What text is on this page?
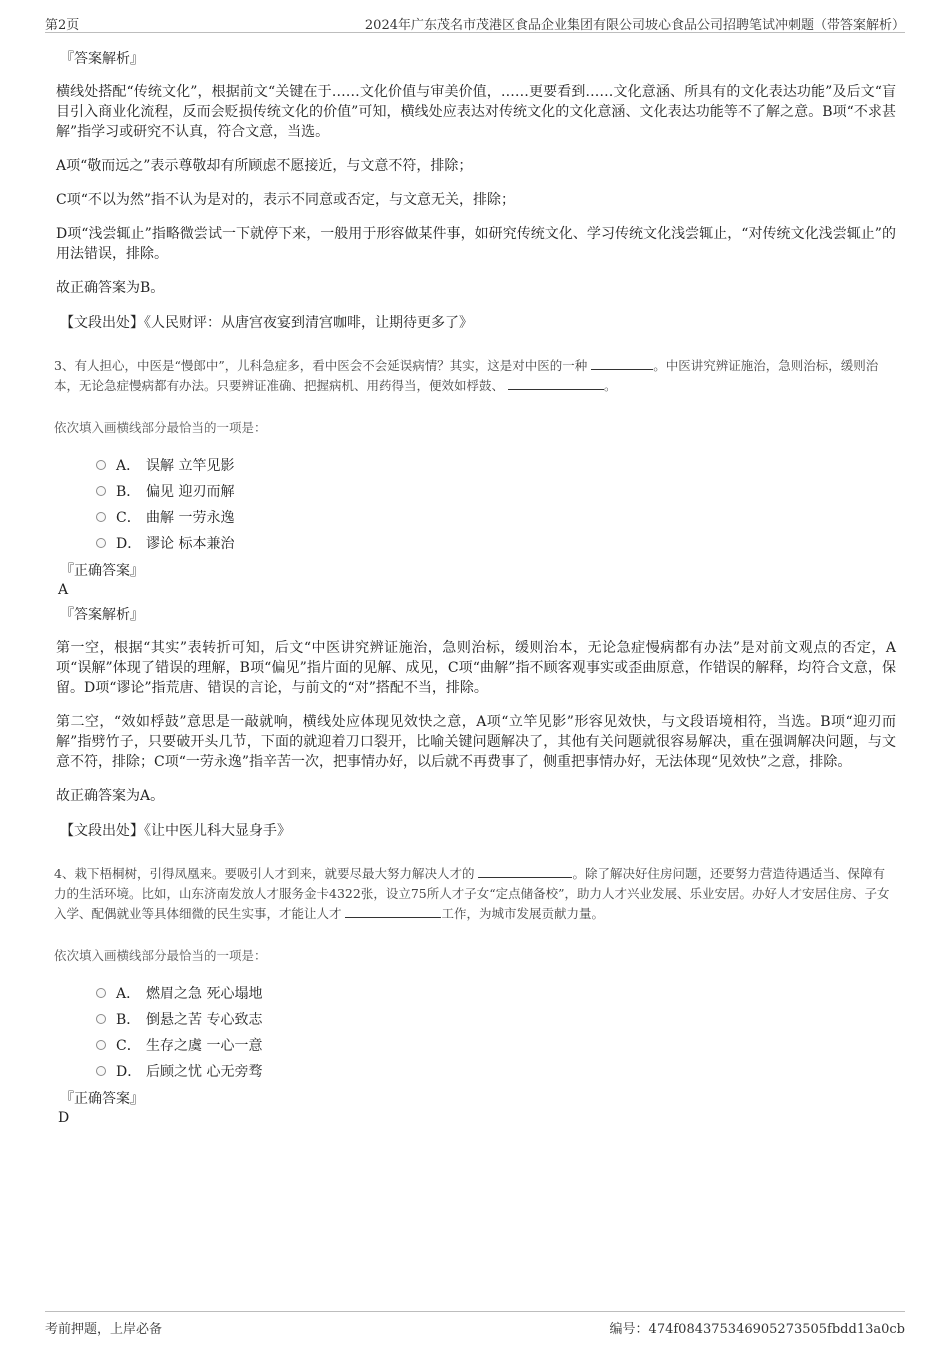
第2页	2024年广东茂名市茂港区食品企业集团有限公司坡心食品公司招聘笔试冲刺题（带答案解析）
『答案解析』

横线处搭配“传统文化”，根据前文“关键在于……文化价值与审美价值，……更要看到……文化意涵、所具有的文化表达功能”及后文“盲目引入商业化流程，反而会贬损传统文化的价值”可知，横线处应表达对传统文化的文化意涵、文化表达功能等不了解之意。B项“不求甚解”指学习或研究不认真，符合文意，当选。

A项“敬而远之”表示尊敬却有所顾虑不愿接近，与文意不符，排除；

C项“不以为然”指不认为是对的，表示不同意或否定，与文意无关，排除；

D项“浅尝辄止”指略微尝试一下就停下来，一般用于形容做某件事，如研究传统文化、学习传统文化浅尝辄止，“对传统文化浅尝辄止”的用法错误，排除。

故正确答案为B。

【文段出处】《人民财评：从唐宫夜宴到清宫咖啡，让期待更多了》

3、有人担心，中医是“慢郎中”，儿科急症多，看中医会不会延误病情？其实，这是对中医的一种	。中医讲究辨证施治，急则治标，缓则治本，无论急症慢病都有办法。只要辨证准确、把握病机、用药得当，便效如桴鼓、	。

依次填入画横线部分最恰当的一项是：
A． 误解 立竿见影
B． 偏见 迎刃而解
C． 曲解 一劳永逸
D． 谬论 标本兼治
『正确答案』
A
『答案解析』

第一空，根据“其实”表转折可知，后文“中医讲究辨证施治，急则治标，缓则治本，无论急症慢病都有办法”是对前文观点的否定，A项“误解”体现了错误的理解，B项“偏见”指片面的见解、成见，C项“曲解”指不顾客观事实或歪曲原意，作错误的解释，均符合文意，保留。D项“谬论”指荒唐、错误的言论，与前文的“对”搭配不当，排除。

第二空，“效如桴鼓”意思是一敲就响，横线处应体现见效快之意，A项“立竿见影”形容见效快，与文段语境相符，当选。B项“迎刃而解”指劈竹子，只要破开头几节，下面的就迎着刀口裂开，比喻关键问题解决了，其他有关问题就很容易解决，重在强调解决问题，与文意不符，排除；C项“一劳永逸”指辛苦一次，把事情办好，以后就不再费事了，侧重把事情办好，无法体现“见效快”之意，排除。

故正确答案为A。

【文段出处】《让中医儿科大显身手》

4、栽下梧桐树，引得凤凰来。要吸引人才到来，就要尽最大努力解决人才的	。除了解决好住房问题，还要努力营造待遇适当、保障有力的生活环境。比如，山东济南发放人才服务金卡4322张，设立75所人才子女“定点储备校”，助力人才兴业发展、乐业安居。办好人才安居住房、子女入学、配偶就业等具体细微的民生实事，才能让人才	工作，为城市发展贡献力量。

依次填入画横线部分最恰当的一项是：
A． 燃眉之急 死心塌地
B． 倒悬之苦 专心致志
C． 生存之虞 一心一意
D． 后顾之忧 心无旁骛
『正确答案』
D
考前押题，上岸必备	编号：474f0843753469052735​05fbdd13a0cb
